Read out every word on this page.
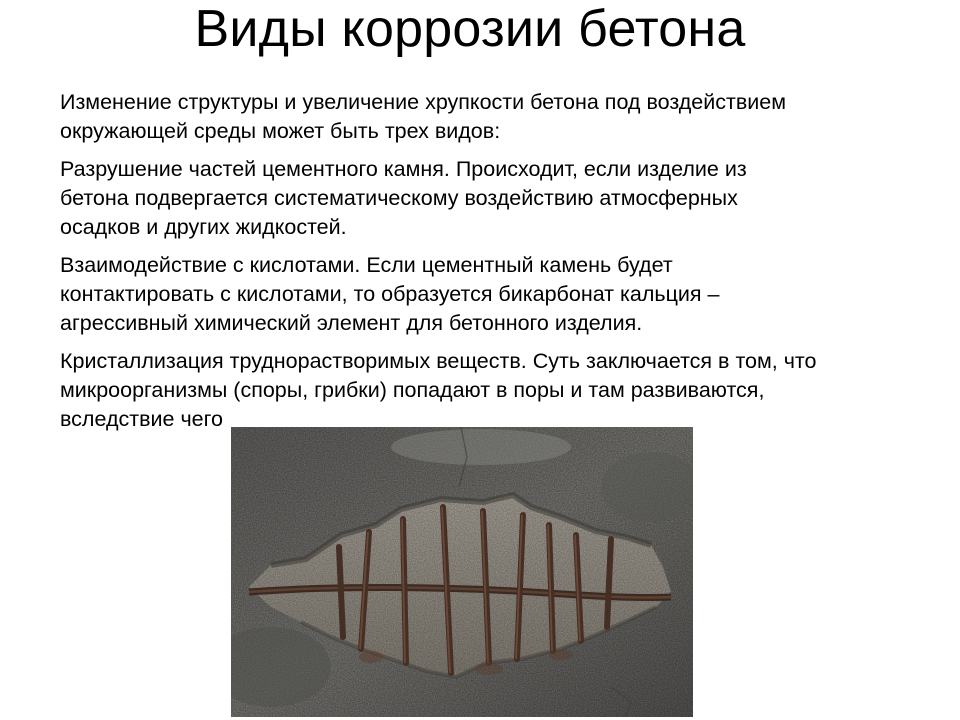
Виды коррозии бетона

Изменение структуры и увеличение хрупкости бетона под воздействием
окружающей среды может быть трех видов:

Разрушение частей цементного камня. Происходит, если изделие из
бетона подвергается систематическому воздействию атмосферных
осадков и других жидкостей.

Взаимодействие с кислотами. Если цементный камень будет
контактировать с кислотами, то образуется бикарбонат кальция –
агрессивный химический элемент для бетонного изделия.

Кристаллизация труднорастворимых веществ. Суть заключается в том, что
микроорганизмы (споры, грибки) попадают в поры и там развиваются,
вследствие чего
